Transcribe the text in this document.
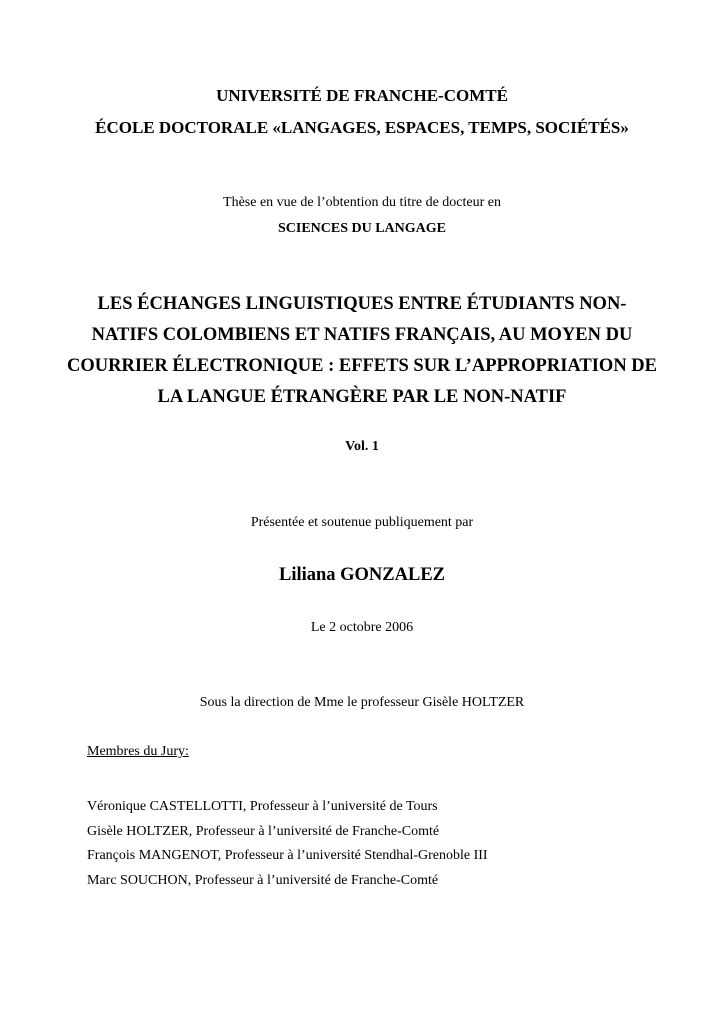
UNIVERSITÉ DE FRANCHE-COMTÉ
ÉCOLE DOCTORALE «LANGAGES, ESPACES, TEMPS, SOCIÉTÉS»
Thèse en vue de l’obtention du titre de docteur en
SCIENCES DU LANGAGE
LES ÉCHANGES LINGUISTIQUES ENTRE ÉTUDIANTS NON-
NATIFS COLOMBIENS ET NATIFS FRANÇAIS, AU MOYEN DU
COURRIER ÉLECTRONIQUE : EFFETS SUR L’APPROPRIATION DE
LA LANGUE ÉTRANGÈRE PAR LE NON-NATIF
Vol. 1
Présentée et soutenue publiquement par
Liliana GONZALEZ
Le 2 octobre 2006
Sous la direction de Mme le professeur Gisèle HOLTZER
Membres du Jury:
Véronique CASTELLOTTI, Professeur à l’université de Tours
Gisèle HOLTZER, Professeur à l’université de Franche-Comté
François MANGENOT, Professeur à l’université Stendhal-Grenoble III
Marc SOUCHON, Professeur à l’université de Franche-Comté
